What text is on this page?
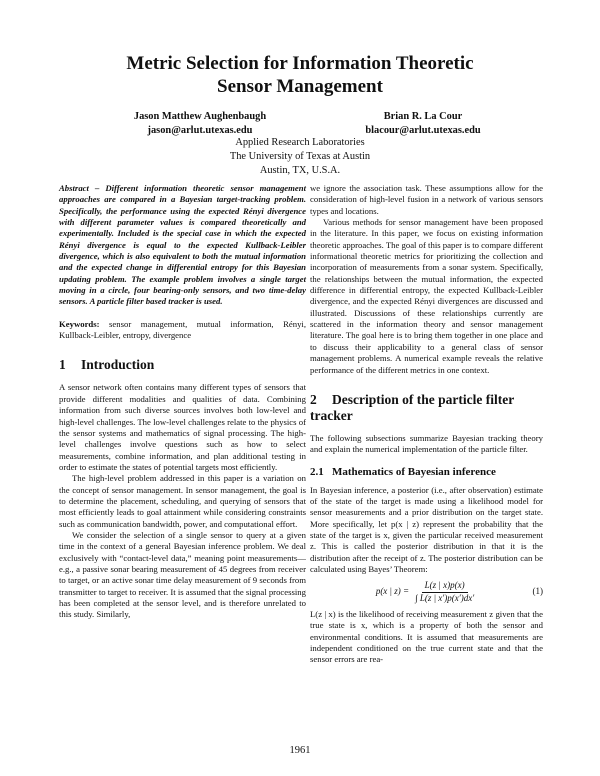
Metric Selection for Information Theoretic
Sensor Management
Jason Matthew Aughenbaugh
jason@arlut.utexas.edu
Brian R. La Cour
blacour@arlut.utexas.edu
Applied Research Laboratories
The University of Texas at Austin
Austin, TX, U.S.A.

Abstract – Different information theoretic sensor management approaches are compared in a Bayesian target-tracking problem. Specifically, the performance using the expected Rényi divergence with different parameter values is compared theoretically and experimentally. Included is the special case in which the expected Rényi divergence is equal to the expected Kullback-Leibler divergence, which is also equivalent to both the mutual information and the expected change in differential entropy for this Bayesian updating problem. The example problem involves a single target moving in a circle, four bearing-only sensors, and two time-delay sensors. A particle filter based tracker is used.

Keywords: sensor management, mutual information, Rényi, Kullback-Leibler, entropy, divergence

1 Introduction

A sensor network often contains many different types of sensors that provide different modalities and qualities of data. Combining information from such diverse sources involves both low-level and high-level challenges. The low-level challenges relate to the physics of the sensor systems and mathematics of signal processing. The high-level challenges involve questions such as how to select measurements, combine information, and plan additional testing in order to estimate the states of potential targets most efficiently.

The high-level problem addressed in this paper is a variation on the concept of sensor management. In sensor management, the goal is to determine the placement, scheduling, and querying of sensors that most efficiently leads to goal attainment while considering constraints such as communication bandwidth, power, and computational effort.

We consider the selection of a single sensor to query at a given time in the context of a general Bayesian inference problem. We deal exclusively with “contact-level data,” meaning point measurements—e.g., a passive sonar bearing measurement of 45 degrees from receiver to target, or an active sonar time delay measurement of 9 seconds from transmitter to target to receiver. It is assumed that the signal processing has been completed at the sensor level, and is therefore unrelated to this study. Similarly,

we ignore the association task. These assumptions allow for the consideration of high-level fusion in a network of various sensors types and locations.

Various methods for sensor management have been proposed in the literature. In this paper, we focus on existing information theoretic approaches. The goal of this paper is to compare different informational theoretic metrics for prioritizing the collection and incorporation of measurements from a sonar system. Specifically, the relationships between the mutual information, the expected difference in differential entropy, the expected Kullback-Leibler divergence, and the expected Rényi divergences are discussed and illustrated. Discussions of these relationships currently are scattered in the information theory and sensor management literature. The goal here is to bring them together in one place and to discuss their applicability to a general class of sensor management problems. A numerical example reveals the relative performance of the different metrics in one context.

2 Description of the particle filter tracker

The following subsections summarize Bayesian tracking theory and explain the numerical implementation of the particle filter.

2.1 Mathematics of Bayesian inference

In Bayesian inference, a posterior (i.e., after observation) estimate of the state of the target is made using a likelihood model for sensor measurements and a prior distribution on the target state. More specifically, let p(x | z) represent the probability that the state of the target is x, given the particular received measurement z. This is called the posterior distribution in that it is the distribution after the receipt of z. The posterior distribution can be calculated using Bayes’ Theorem:

p(x | $z) = \frac{L(z | x)p(x)}{\int L(z | x')p(x')dx'}$	(1)

L(z | x) is the likelihood of receiving measurement z given that the true state is x, which is a property of both the sensor and environmental conditions. It is assumed that measurements are independent conditioned on the true current state and that the sensor errors are rea-

1961
